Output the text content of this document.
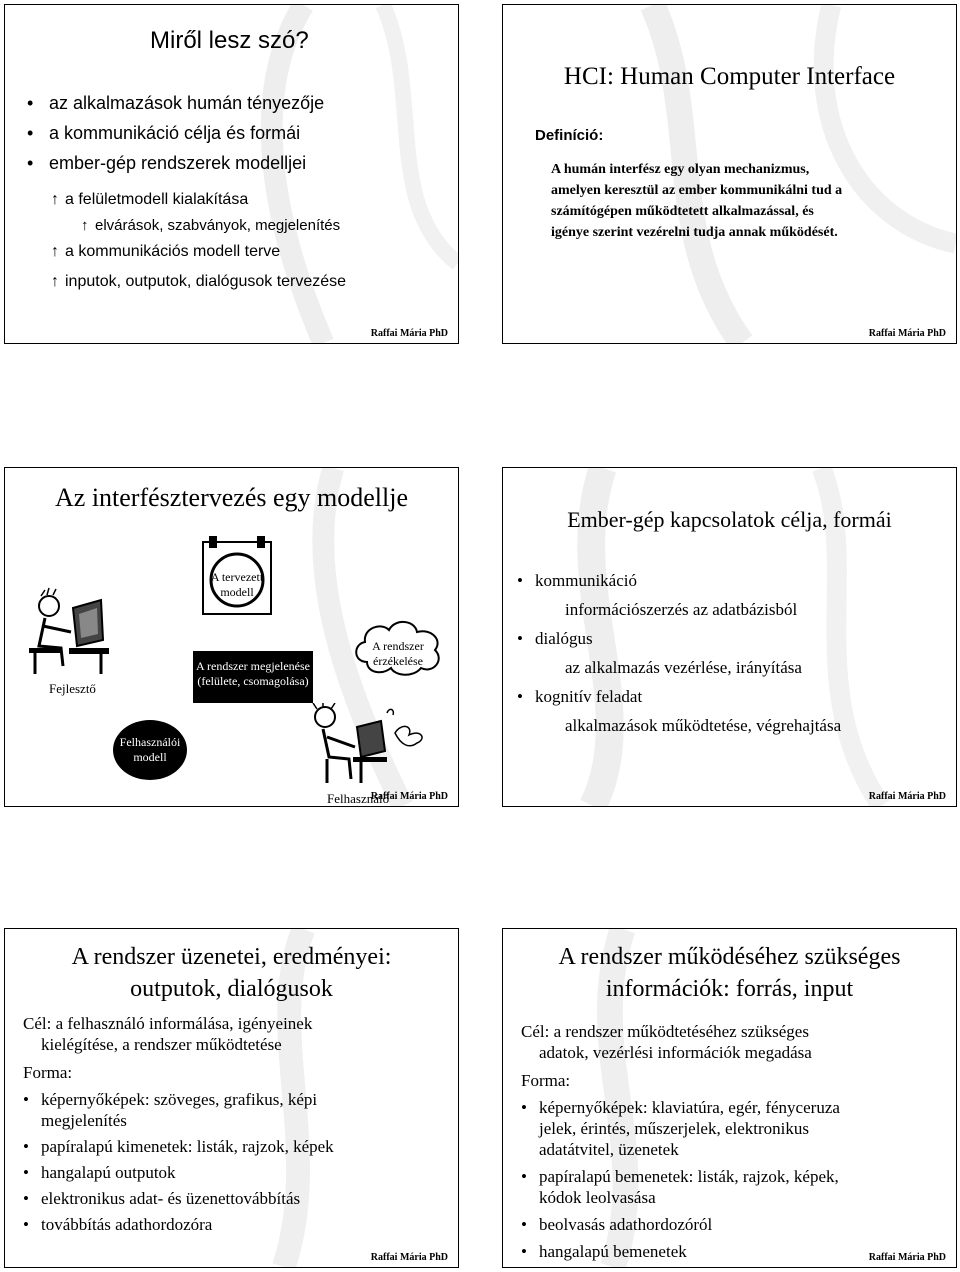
Miről lesz szó?
• az alkalmazások humán tényezője
• a kommunikáció célja és formái
• ember-gép rendszerek modelljei
↑ a felületmodell kialakítása
↑ elvárások, szabványok, megjelenítés
↑ a kommunikációs modell terve
↑ inputok, outputok, dialógusok tervezése
Raffai Mária PhD
HCI: Human Computer Interface
Definíció:
A humán interfész egy olyan mechanizmus,
amelyen keresztül az ember kommunikálni tud a
számítógépen működtetett alkalmazással, és
igénye szerint vezérelni tudja annak működését.
Raffai Mária PhD
Az interfésztervezés egy modellje
Fejlesztő
A tervezett
modell
A rendszer megjelenése
(felülete, csomagolása)
A rendszer
érzékelése
Felhasználói
modell
Felhasználó
Raffai Mária PhD
Ember-gép kapcsolatok célja, formái
• kommunikáció
információszerzés az adatbázisból
• dialógus
az alkalmazás vezérlése, irányítása
• kognitív feladat
alkalmazások működtetése, végrehajtása
Raffai Mária PhD
A rendszer üzenetei, eredményei:
outputok, dialógusok
Cél: a felhasználó informálása, igényeinek
kielégítése, a rendszer működtetése
Forma:
• képernyőképek: szöveges, grafikus, képi
megjelenítés
• papíralapú kimenetek: listák, rajzok, képek
• hangalapú outputok
• elektronikus adat- és üzenettovábbítás
• továbbítás adathordozóra
Raffai Mária PhD
A rendszer működéséhez szükséges
információk: forrás, input
Cél: a rendszer működtetéséhez szükséges
adatok, vezérlési információk megadása
Forma:
• képernyőképek: klaviatúra, egér, fényceruza
jelek, érintés, műszerjelek, elektronikus
adatátvitel, üzenetek
• papíralapú bemenetek: listák, rajzok, képek,
kódok leolvasása
• beolvasás adathordozóról
• hangalapú bemenetek	Raffai Mária PhD
